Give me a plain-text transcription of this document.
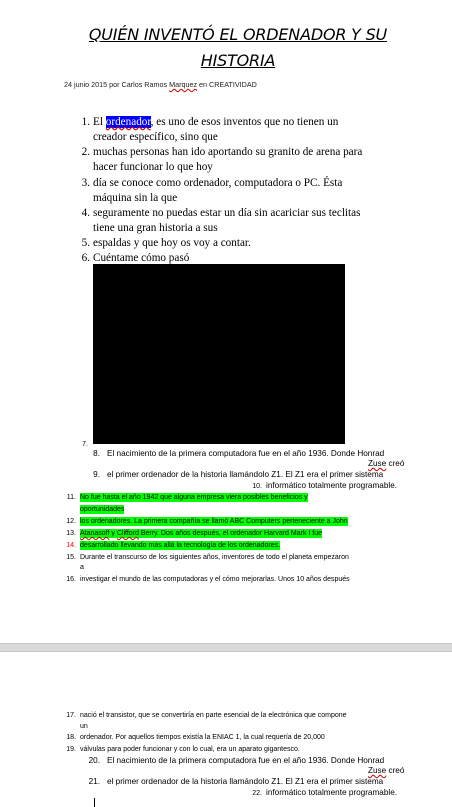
QUIÉN INVENTÓ EL ORDENADOR Y SU
HISTORIA
24 junio 2015 por Carlos Ramos Marquez en CREATIVIDAD
1. El ordenador, es uno de esos inventos que no tienen un
creador específico, sino que
2. muchas personas han ido aportando su granito de arena para
hacer funcionar lo que hoy
3. día se conoce como ordenador, computadora o PC. Ésta
máquina sin la que
4. seguramente no puedas estar un día sin acariciar sus teclitas
tiene una gran historia a sus
5. espaldas y que hoy os voy a contar.
6. Cuéntame cómo pasó
7.
8. El nacimiento de la primera computadora fue en el año 1936. Donde Honrad
Zuse creó
9. el primer ordenador de la historia llamándolo Z1. El Z1 era el primer sistema
10. informático totalmente programable.
11. No fue hasta el año 1942 que alguna empresa viera posibles beneficios y
oportunidades
12. los ordenadores. La primera compañía se llamó ABC Computers perteneciente a John
13. Atanasoff y Clifford Berry. Dos años después, el ordenador Harvard Mark I fue
14. desarrollado llevando más allá la tecnología de los ordenadores.
15. Durante el transcurso de los siguientes años, inventores de todo el planeta empezaron
a
16. investigar el mundo de las computadoras y el cómo mejorarlas. Unos 10 años después
17. nació el transistor, que se convertiría en parte esencial de la electrónica que compone
un
18. ordenador. Por aquellos tiempos existía la ENIAC 1, la cual requería de 20,000
19. válvulas para poder funcionar y con lo cual, era un aparato gigantesco.
20. El nacimiento de la primera computadora fue en el año 1936. Donde Honrad
Zuse creó
21. el primer ordenador de la historia llamándolo Z1. El Z1 era el primer sistema
22. informático totalmente programable.
